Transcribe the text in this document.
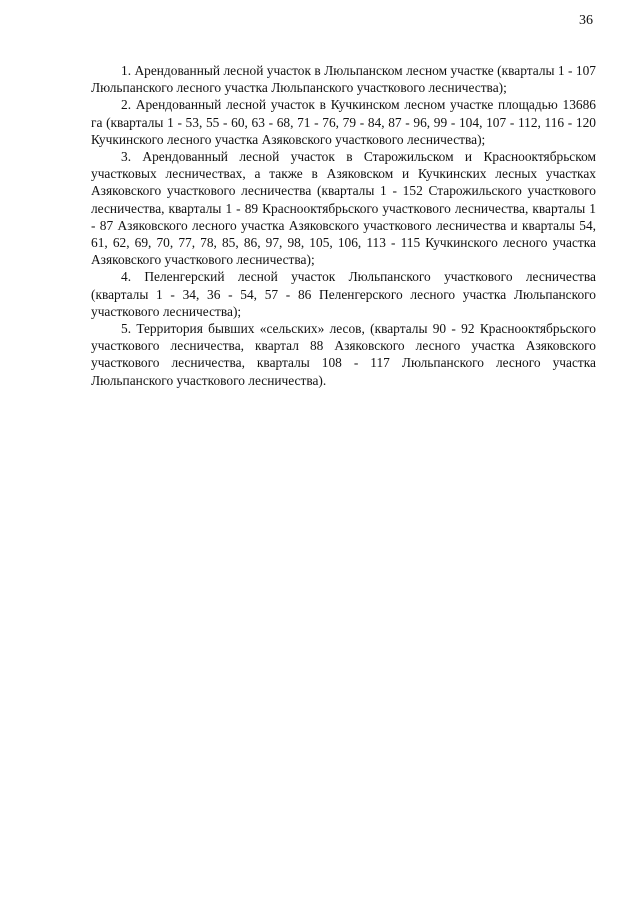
36

1. Арендованный лесной участок в Люльпанском лесном участке (кварталы 1 - 107 Люльпанского лесного участка Люльпанского участкового лесничества);

2. Арендованный лесной участок в Кучкинском лесном участке площадью 13686 га (кварталы 1 - 53, 55 - 60, 63 - 68, 71 - 76, 79 - 84, 87 - 96, 99 - 104, 107 - 112, 116 - 120 Кучкинского лесного участка Азяковского участкового лесничества);

3. Арендованный лесной участок в Старожильском и Краснооктябрьском участковых лесничествах, а также в Азяковском и Кучкинских лесных участках Азяковского участкового лесничества (кварталы 1 - 152 Старожильского участкового лесничества, кварталы 1 - 89 Краснооктябрьского участкового лесничества, кварталы 1 - 87 Азяковского лесного участка Азяковского участкового лесничества и кварталы 54, 61, 62, 69, 70, 77, 78, 85, 86, 97, 98, 105, 106, 113 - 115 Кучкинского лесного участка Азяковского участкового лесничества);

4. Пеленгерский лесной участок Люльпанского участкового лесничества (кварталы 1 - 34, 36 - 54, 57 - 86 Пеленгерского лесного участка Люльпанского участкового лесничества);

5. Территория бывших «сельских» лесов, (кварталы 90 - 92 Краснооктябрьского участкового лесничества, квартал 88 Азяковского лесного участка Азяковского участкового лесничества, кварталы 108 - 117 Люльпанского лесного участка Люльпанского участкового лесничества).
